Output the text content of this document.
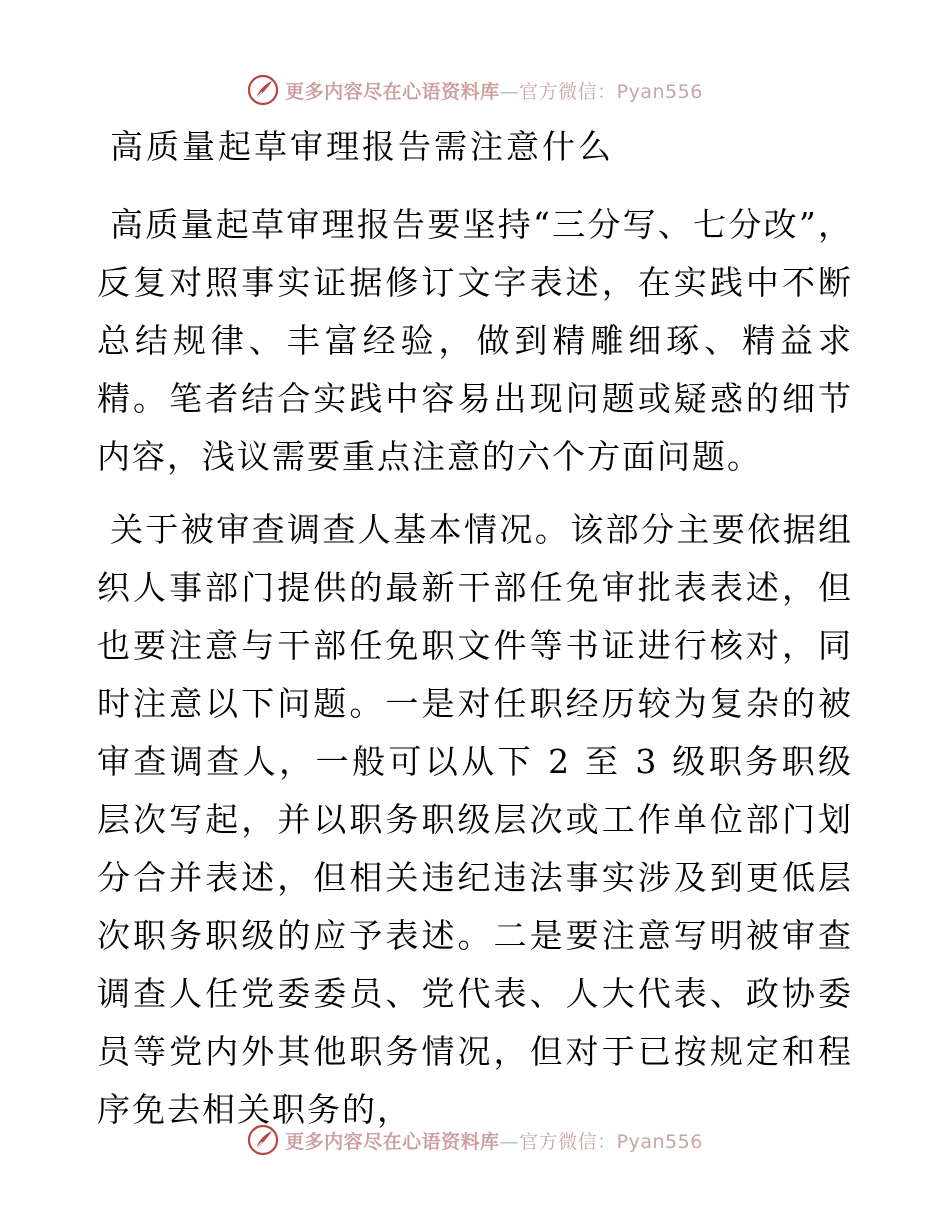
更多内容尽在心语资料库—官方微信：Pyan556
高质量起草审理报告需注意什么

高质量起草审理报告要坚持“三分写、七分改”，反复对照事实证据修订文字表述，在实践中不断总结规律、丰富经验，做到精雕细琢、精益求精。笔者结合实践中容易出现问题或疑惑的细节内容，浅议需要重点注意的六个方面问题。

关于被审查调查人基本情况。该部分主要依据组织人事部门提供的最新干部任免审批表表述，但也要注意与干部任免职文件等书证进行核对，同时注意以下问题。一是对任职经历较为复杂的被审查调查人，一般可以从下 2 至 3 级职务职级层次写起，并以职务职级层次或工作单位部门划分合并表述，但相关违纪违法事实涉及到更低层次职务职级的应予表述。二是要注意写明被审查调查人任党委委员、党代表、人大代表、政协委员等党内外其他职务情况，但对于已按规定和程序免去相关职务的，

更多内容尽在心语资料库—官方微信：Pyan556
